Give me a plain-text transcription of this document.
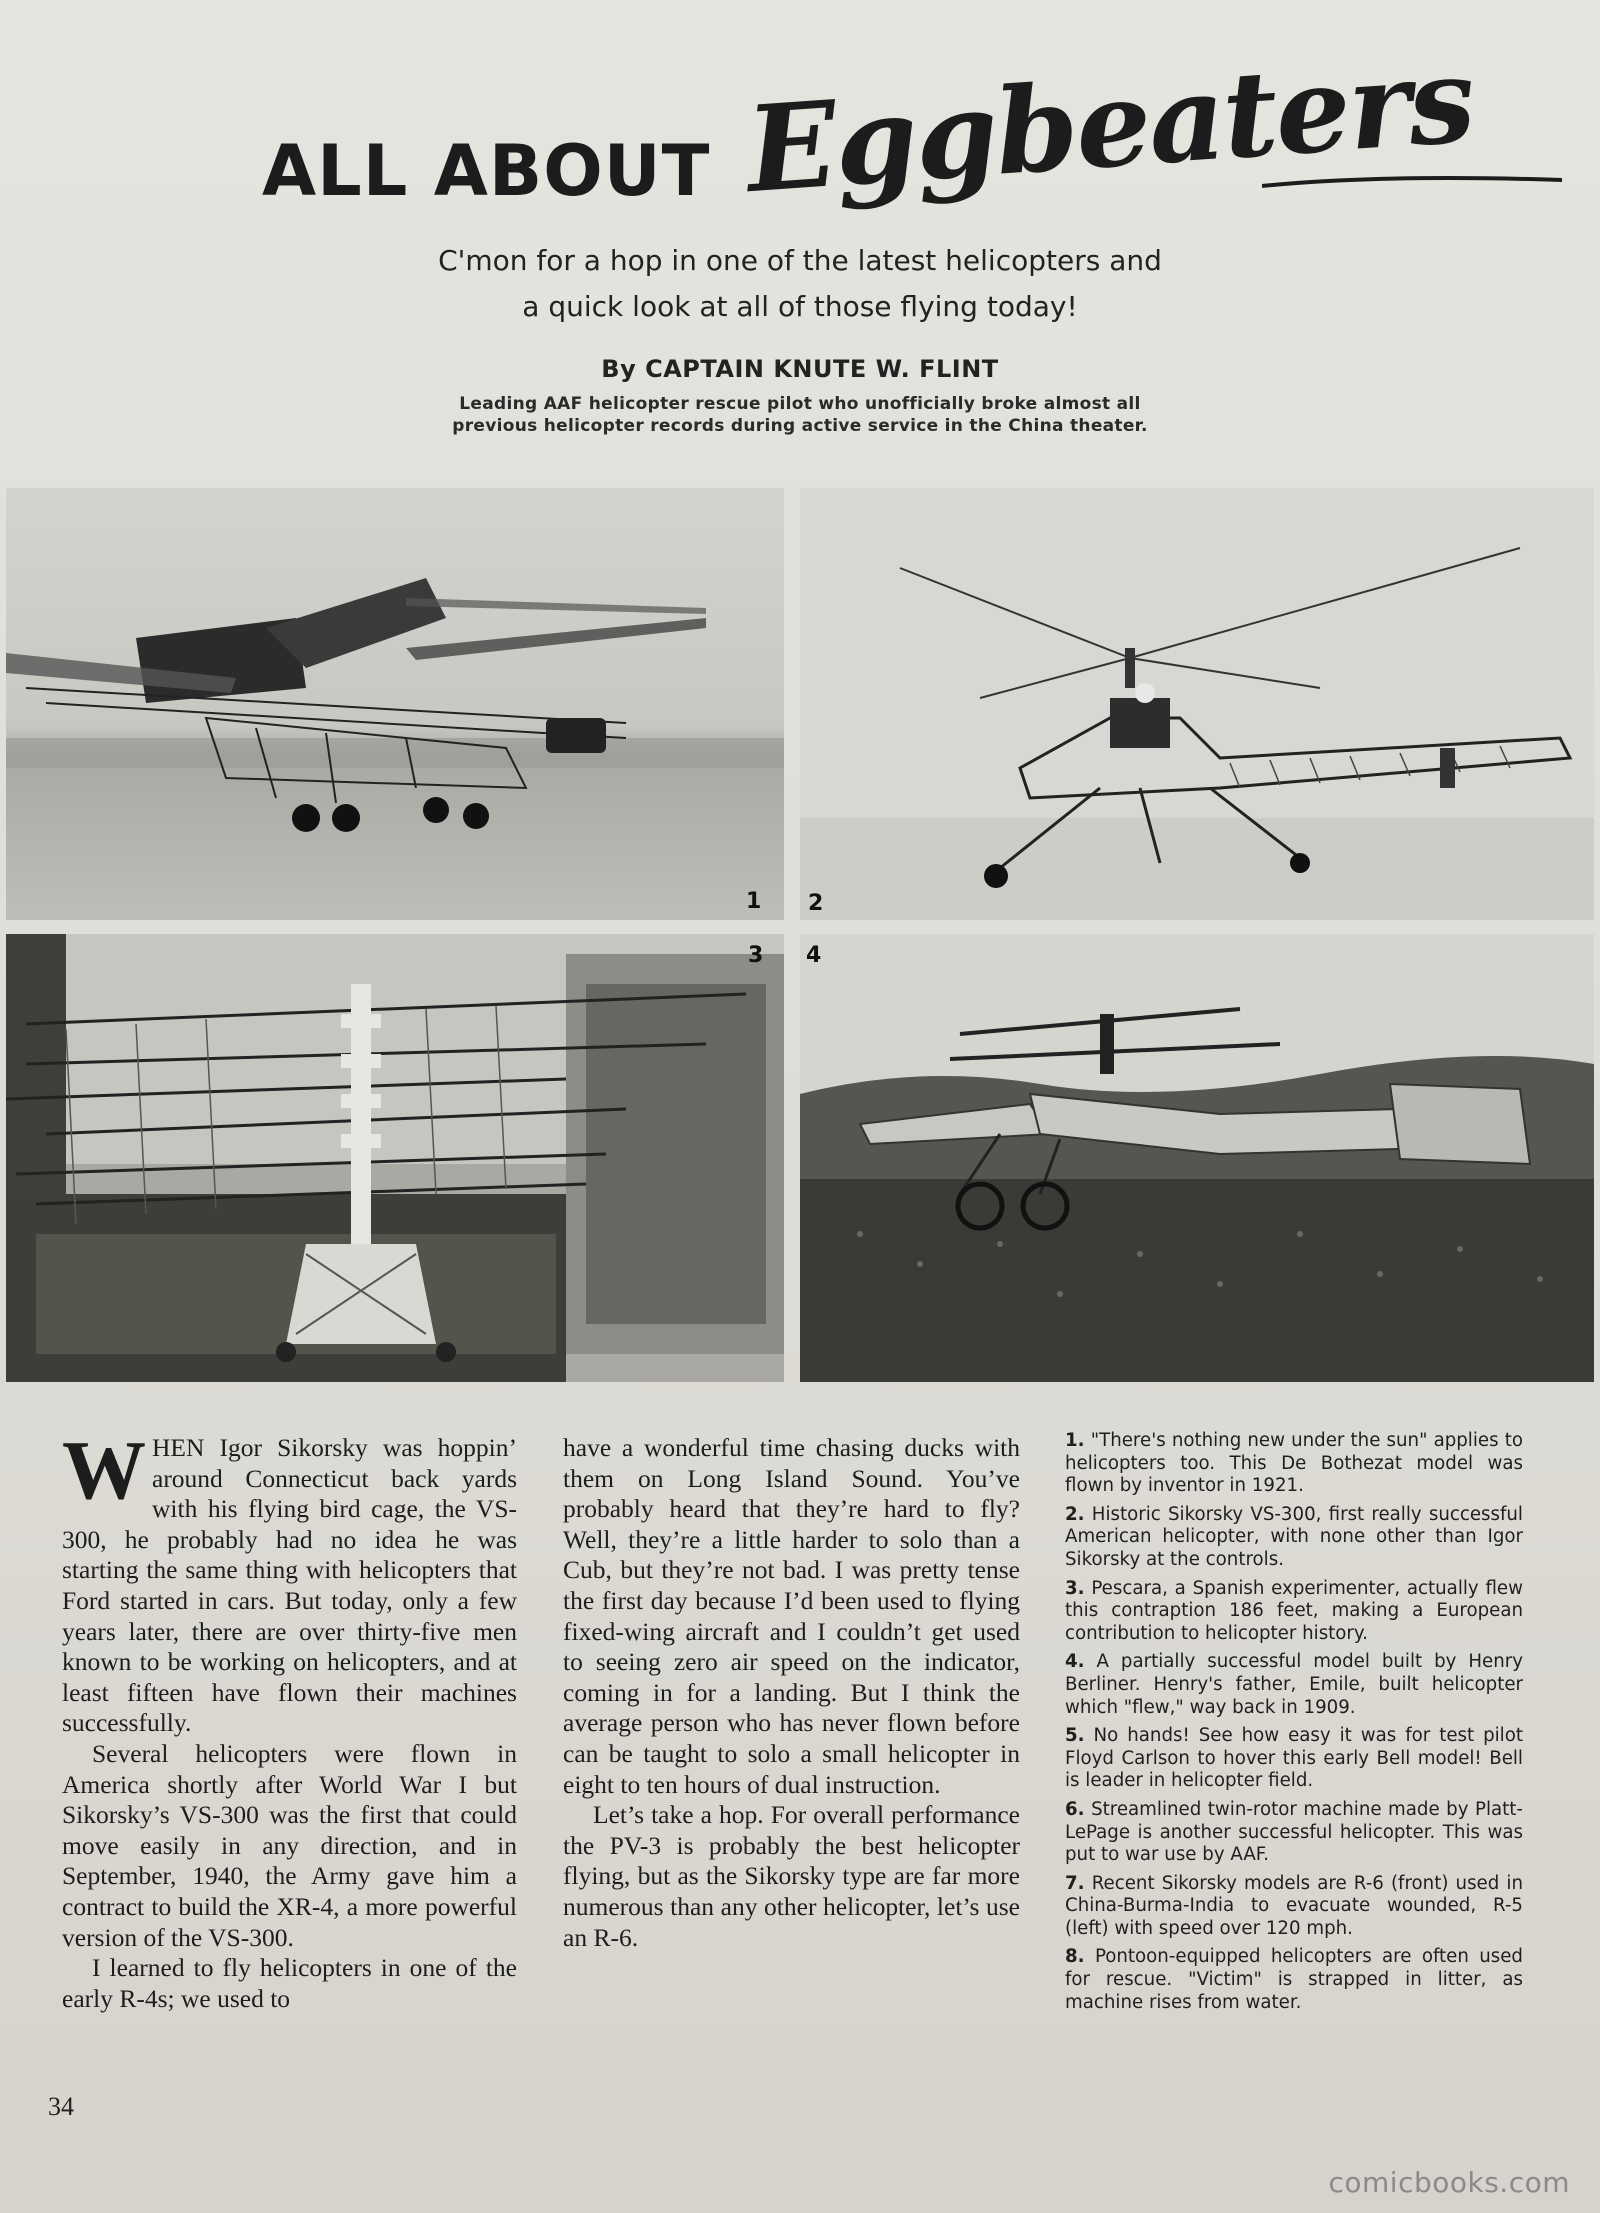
ALL ABOUT Eggbeaters
C'mon for a hop in one of the latest helicopters and
a quick look at all of those flying today!
By CAPTAIN KNUTE W. FLINT
Leading AAF helicopter rescue pilot who unofficially broke almost all
previous helicopter records during active service in the China theater.
1 2
3 4

WHEN Igor Sikorsky was hoppin’ around Connecticut back yards with his flying bird cage, the VS-300, he probably had no idea he was starting the same thing with helicopters that Ford started in cars. But today, only a few years later, there are over thirty-five men known to be working on helicopters, and at least fifteen have flown their machines successfully.

Several helicopters were flown in America shortly after World War I but Sikorsky’s VS-300 was the first that could move easily in any direction, and in September, 1940, the Army gave him a contract to build the XR-4, a more powerful version of the VS-300.

I learned to fly helicopters in one of the early R-4s; we used to

have a wonderful time chasing ducks with them on Long Island Sound. You’ve probably heard that they’re hard to fly? Well, they’re a little harder to solo than a Cub, but they’re not bad. I was pretty tense the first day because I’d been used to flying fixed-wing aircraft and I couldn’t get used to seeing zero air speed on the indicator, coming in for a landing. But I think the average person who has never flown before can be taught to solo a small helicopter in eight to ten hours of dual instruction.

Let’s take a hop. For overall performance the PV-3 is probably the best helicopter flying, but as the Sikorsky type are far more numerous than any other helicopter, let’s use an R-6.

1. "There's nothing new under the sun" applies to helicopters too. This De Bothezat model was flown by inventor in 1921.

2. Historic Sikorsky VS-300, first really successful American helicopter, with none other than Igor Sikorsky at the controls.

3. Pescara, a Spanish experimenter, actually flew this contraption 186 feet, making a European contribution to helicopter history.

4. A partially successful model built by Henry Berliner. Henry's father, Emile, built helicopter which "flew," way back in 1909.

5. No hands! See how easy it was for test pilot Floyd Carlson to hover this early Bell model! Bell is leader in helicopter field.

6. Streamlined twin-rotor machine made by Platt-LePage is another successful helicopter. This was put to war use by AAF.

7. Recent Sikorsky models are R-6 (front) used in China-Burma-India to evacuate wounded, R-5 (left) with speed over 120 mph.

8. Pontoon-equipped helicopters are often used for rescue. "Victim" is strapped in litter, as machine rises from water.

34
comicbooks.com
